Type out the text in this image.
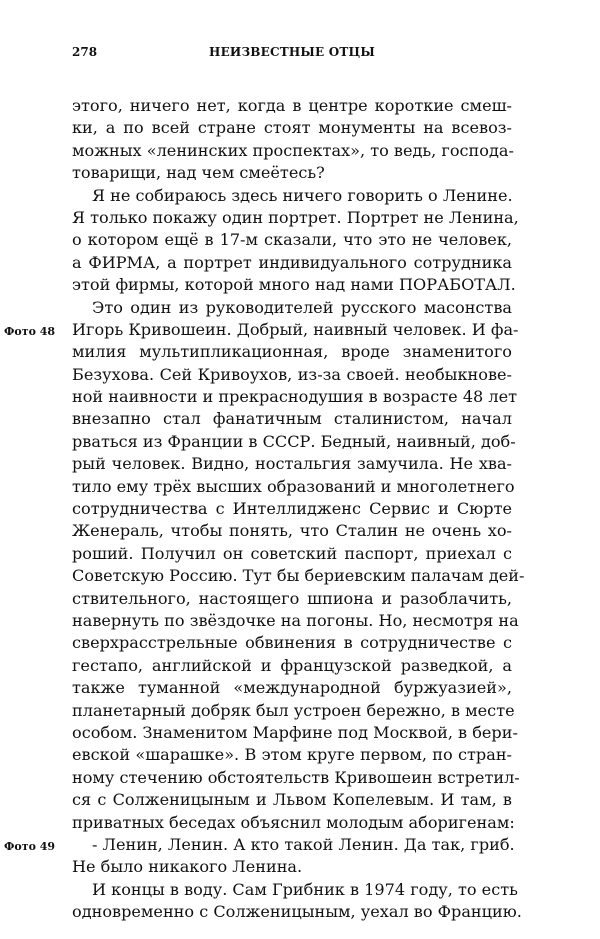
278	НЕИЗВЕСТНЫЕ ОТЦЫ
этого, ничего нет, когда в центре короткие смеш-
ки, а по всей стране стоят монументы на всевоз-
можных «ленинских проспектах», то ведь, господа-
товарищи, над чем смеётесь?
Я не собираюсь здесь ничего говорить о Ленине.
Я только покажу один портрет. Портрет не Ленина,
о котором ещё в 17-м сказали, что это не человек,
а ФИРМА, а портрет индивидуального сотрудника
этой фирмы, которой много над нами ПОРАБОТАЛ.
Это один из руководителей русского масонства
Фото 48 Игорь Кривошеин. Добрый, наивный человек. И фа-
милия мультипликационная, вроде знаменитого
Безухова. Сей Кривоухов, из-за своей. необыкнове-
ной наивности и прекраснодушия в возрасте 48 лет
внезапно стал фанатичным сталинистом, начал
рваться из Франции в СССР. Бедный, наивный, доб-
рый человек. Видно, ностальгия замучила. Не хва-
тило ему трёх высших образований и многолетнего
сотрудничества с Интеллидженс Сервис и Сюрте
Женераль, чтобы понять, что Сталин не очень хо-
роший. Получил он советский паспорт, приехал с
Советскую Россию. Тут бы бериевским палачам дей-
ствительного, настоящего шпиона и разоблачить,
навернуть по звёздочке на погоны. Но, несмотря на
сверхрасстрельные обвинения в сотрудничестве с
гестапо, английской и французской разведкой, а
также туманной «международной буржуазией»,
планетарный добряк был устроен бережно, в месте
особом. Знаменитом Марфине под Москвой, в бери-
евской «шарашке». В этом круге первом, по стран-
ному стечению обстоятельств Кривошеин встретил-
ся с Солженицыным и Львом Копелевым. И там, в
приватных беседах объяснил молодым аборигенам:
Фото 49 - Ленин, Ленин. А кто такой Ленин. Да так, гриб.
Не было никакого Ленина.
И концы в воду. Сам Грибник в 1974 году, то есть
одновременно с Солженицыным, уехал во Францию.
